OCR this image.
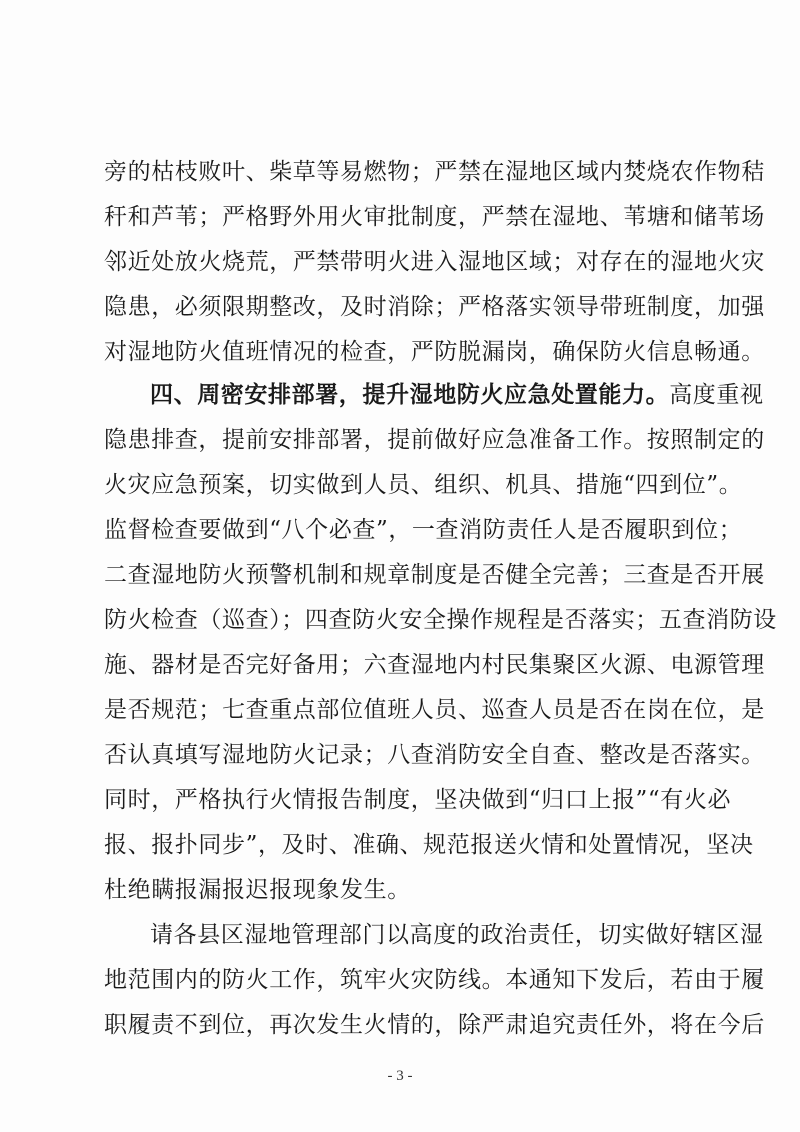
旁的枯枝败叶、柴草等易燃物；严禁在湿地区域内焚烧农作物秸
秆和芦苇；严格野外用火审批制度，严禁在湿地、苇塘和储苇场
邻近处放火烧荒，严禁带明火进入湿地区域；对存在的湿地火灾
隐患，必须限期整改，及时消除；严格落实领导带班制度，加强
对湿地防火值班情况的检查，严防脱漏岗，确保防火信息畅通。
四、周密安排部署，提升湿地防火应急处置能力。高度重视
隐患排查，提前安排部署，提前做好应急准备工作。按照制定的
火灾应急预案，切实做到人员、组织、机具、措施“四到位”。
监督检查要做到“八个必查”，一查消防责任人是否履职到位；
二查湿地防火预警机制和规章制度是否健全完善；三查是否开展
防火检查（巡查）；四查防火安全操作规程是否落实；五查消防设
施、器材是否完好备用；六查湿地内村民集聚区火源、电源管理
是否规范；七查重点部位值班人员、巡查人员是否在岗在位，是
否认真填写湿地防火记录；八查消防安全自查、整改是否落实。
同时，严格执行火情报告制度，坚决做到“归口上报”“有火必
报、报扑同步”，及时、准确、规范报送火情和处置情况，坚决
杜绝瞒报漏报迟报现象发生。
请各县区湿地管理部门以高度的政治责任，切实做好辖区湿
地范围内的防火工作，筑牢火灾防线。本通知下发后，若由于履
职履责不到位，再次发生火情的，除严肃追究责任外，将在今后
- 3 -
